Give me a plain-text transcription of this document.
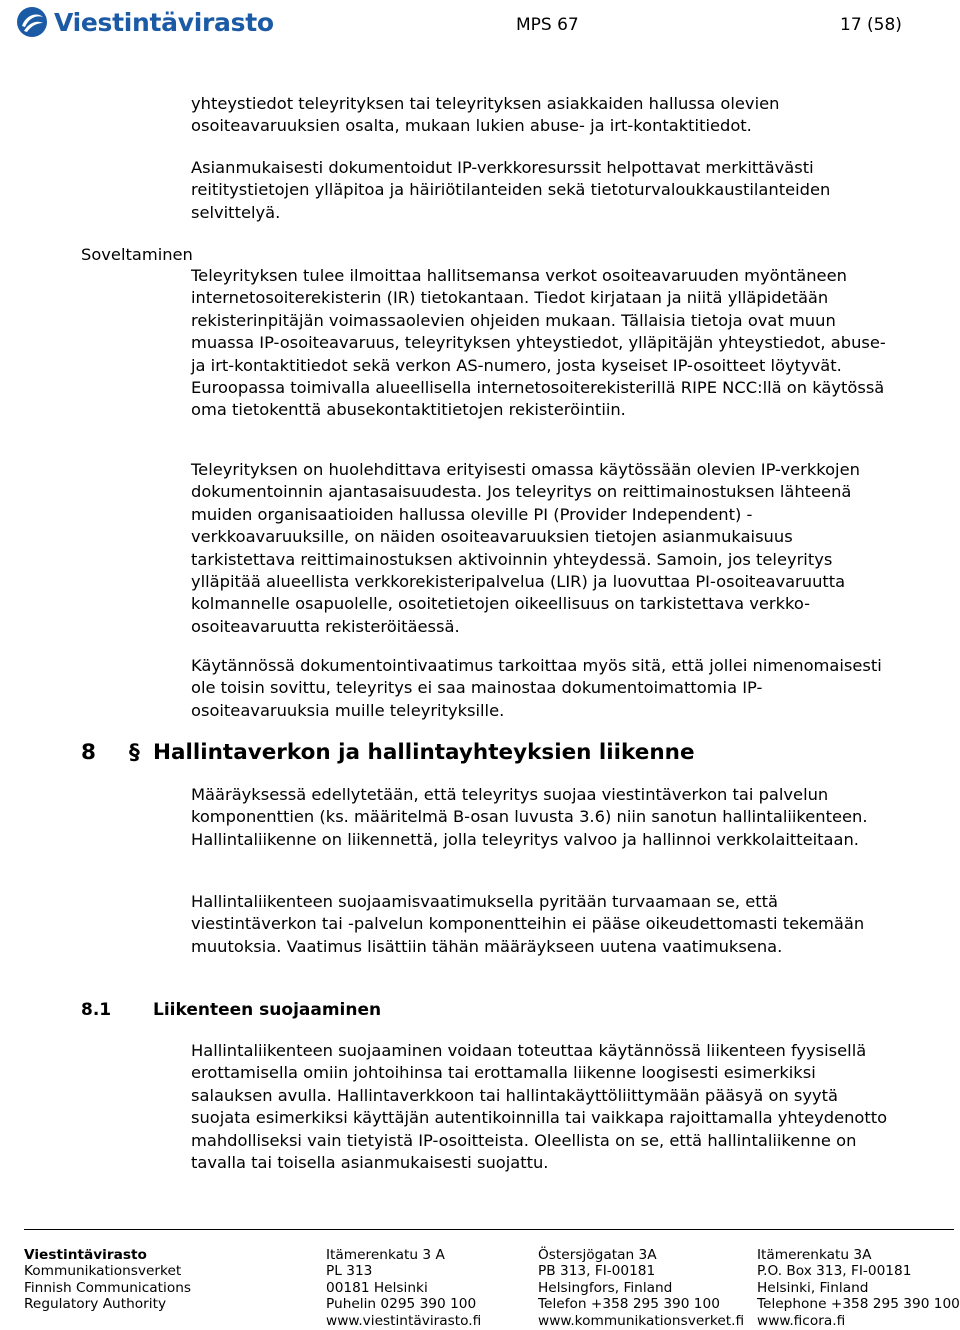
Viestintävirasto	MPS 67	17 (58)

yhteystiedot teleyrityksen tai teleyrityksen asiakkaiden hallussa olevien osoiteavaruuksien osalta, mukaan lukien abuse- ja irt-kontaktitiedot.

Asianmukaisesti dokumentoidut IP-verkkoresurssit helpottavat merkittävästi reititystietojen ylläpitoa ja häiriötilanteiden sekä tietoturvaloukkaustilanteiden selvittelyä.

Soveltaminen

Teleyrityksen tulee ilmoittaa hallitsemansa verkot osoiteavaruuden myöntäneen internetosoiterekisterin (IR) tietokantaan. Tiedot kirjataan ja niitä ylläpidetään rekisterinpitäjän voimassaolevien ohjeiden mukaan. Tällaisia tietoja ovat muun muassa IP-osoiteavaruus, teleyrityksen yhteystiedot, ylläpitäjän yhteystiedot, abuse- ja irt-kontaktitiedot sekä verkon AS-numero, josta kyseiset IP-osoitteet löytyvät. Euroopassa toimivalla alueellisella internetosoiterekisterillä RIPE NCC:llä on käytössä oma tietokenttä abusekontaktitietojen rekisteröintiin.

Teleyrityksen on huolehdittava erityisesti omassa käytössään olevien IP-verkkojen dokumentoinnin ajantasaisuudesta. Jos teleyritys on reittimainostuksen lähteenä muiden organisaatioiden hallussa oleville PI (Provider Independent) -verkkoavaruuksille, on näiden osoiteavaruuksien tietojen asianmukaisuus tarkistettava reittimainostuksen aktivoinnin yhteydessä. Samoin, jos teleyritys ylläpitää alueellista verkkorekisteripalvelua (LIR) ja luovuttaa PI-osoiteavaruutta kolmannelle osapuolelle, osoitetietojen oikeellisuus on tarkistettava verkko-osoiteavaruutta rekisteröitäessä.

Käytännössä dokumentointivaatimus tarkoittaa myös sitä, että jollei nimenomaisesti ole toisin sovittu, teleyritys ei saa mainostaa dokumentoimattomia IP-osoiteavaruuksia muille teleyrityksille.

8 § Hallintaverkon ja hallintayhteyksien liikenne

Määräyksessä edellytetään, että teleyritys suojaa viestintäverkon tai palvelun komponenttien (ks. määritelmä B-osan luvusta 3.6) niin sanotun hallintaliikenteen. Hallintaliikenne on liikennettä, jolla teleyritys valvoo ja hallinnoi verkkolaitteitaan.

Hallintaliikenteen suojaamisvaatimuksella pyritään turvaamaan se, että viestintäverkon tai -palvelun komponentteihin ei pääse oikeudettomasti tekemään muutoksia. Vaatimus lisättiin tähän määräykseen uutena vaatimuksena.

8.1 Liikenteen suojaaminen

Hallintaliikenteen suojaaminen voidaan toteuttaa käytännössä liikenteen fyysisellä erottamisella omiin johtoihinsa tai erottamalla liikenne loogisesti esimerkiksi salauksen avulla. Hallintaverkkoon tai hallintakäyttöliittymään pääsyä on syytä suojata esimerkiksi käyttäjän autentikoinnilla tai vaikkapa rajoittamalla yhteydenotto mahdolliseksi vain tietyistä IP-osoitteista. Oleellista on se, että hallintaliikenne on tavalla tai toisella asianmukaisesti suojattu.

Viestintävirasto
Kommunikationsverket
Finnish Communications
Regulatory Authority
Itämerenkatu 3 A
PL 313
00181 Helsinki
Puhelin 0295 390 100
www.viestintävirasto.fi
Östersjögatan 3A
PB 313, FI-00181
Helsingfors, Finland
Telefon +358 295 390 100
www.kommunikationsverket.fi
Itämerenkatu 3A
P.O. Box 313, FI-00181
Helsinki, Finland
Telephone +358 295 390 100
www.ficora.fi
